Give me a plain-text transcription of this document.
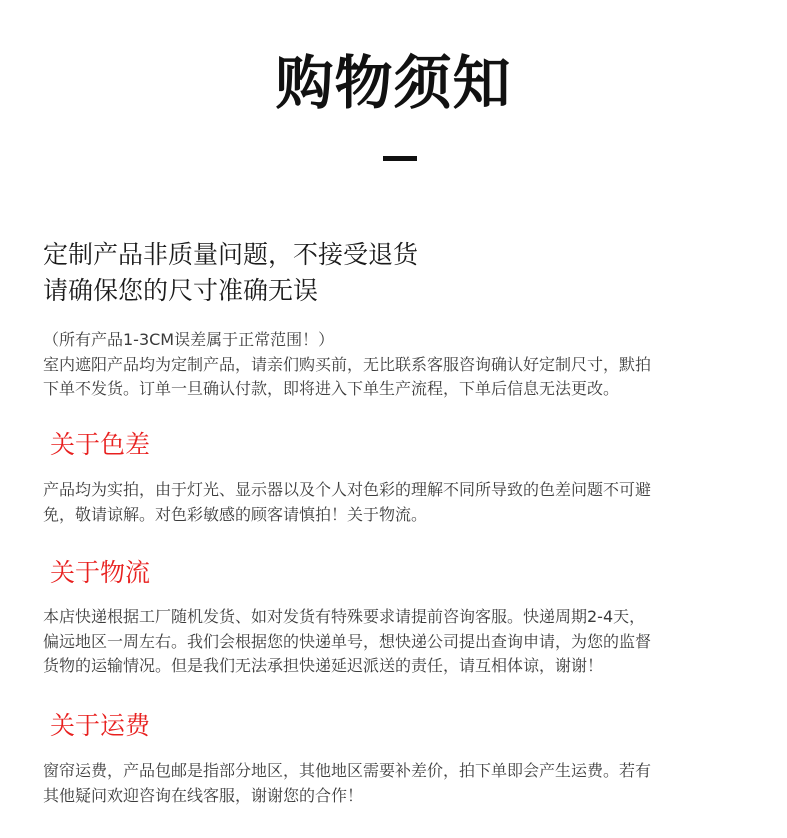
购物须知
定制产品非质量问题，不接受退货
请确保您的尺寸准确无误
（所有产品1-3CM误差属于正常范围！）
室内遮阳产品均为定制产品，请亲们购买前，无比联系客服咨询确认好定制尺寸，默拍
下单不发货。订单一旦确认付款，即将进入下单生产流程，下单后信息无法更改。
关于色差
产品均为实拍，由于灯光、显示器以及个人对色彩的理解不同所导致的色差问题不可避
免，敬请谅解。对色彩敏感的顾客请慎拍！关于物流。
关于物流
本店快递根据工厂随机发货、如对发货有特殊要求请提前咨询客服。快递周期2-4天，
偏远地区一周左右。我们会根据您的快递单号，想快递公司提出查询申请，为您的监督
货物的运输情况。但是我们无法承担快递延迟派送的责任，请互相体谅，谢谢！
关于运费
窗帘运费，产品包邮是指部分地区，其他地区需要补差价，拍下单即会产生运费。若有
其他疑问欢迎咨询在线客服，谢谢您的合作！
